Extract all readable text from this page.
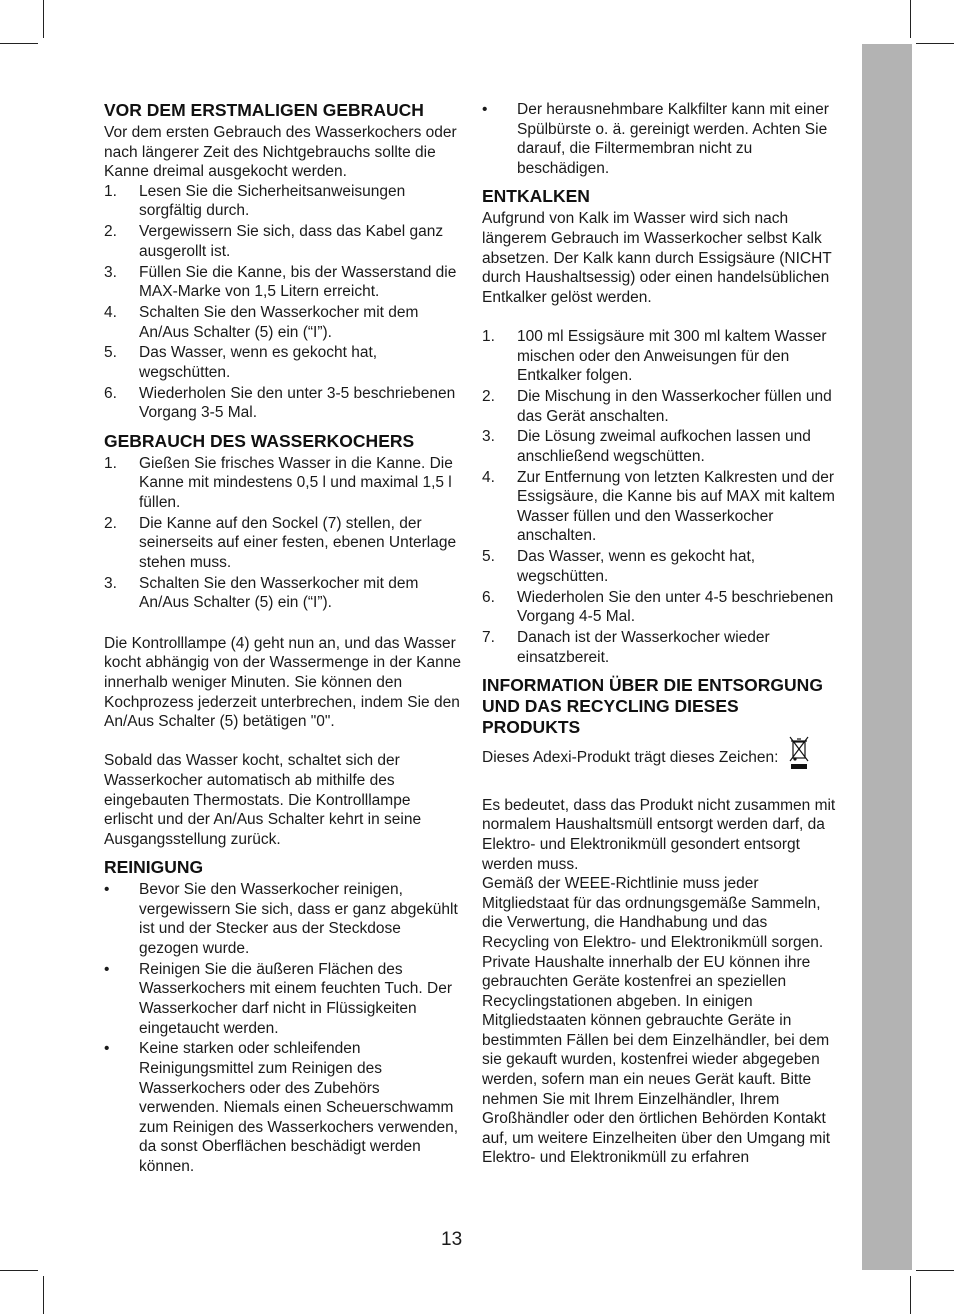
VOR DEM ERSTMALIGEN GEBRAUCH

Vor dem ersten Gebrauch des Wasserkochers oder nach längerer Zeit des Nichtgebrauchs sollte die Kanne dreimal ausgekocht werden.

1. Lesen Sie die Sicherheitsanweisungen sorgfältig durch.
2. Vergewissern Sie sich, dass das Kabel ganz ausgerollt ist.
3. Füllen Sie die Kanne, bis der Wasserstand die MAX-Marke von 1,5 Litern erreicht.
4. Schalten Sie den Wasserkocher mit dem An/Aus Schalter (5) ein (“I”).
5. Das Wasser, wenn es gekocht hat, wegschütten.
6. Wiederholen Sie den unter 3-5 beschriebenen Vorgang 3-5 Mal.
GEBRAUCH DES WASSERKOCHERS
1. Gießen Sie frisches Wasser in die Kanne. Die Kanne mit mindestens 0,5 l und maximal 1,5 l füllen.
2. Die Kanne auf den Sockel (7) stellen, der seinerseits auf einer festen, ebenen Unterlage stehen muss.
3. Schalten Sie den Wasserkocher mit dem An/Aus Schalter (5) ein (“I”).

Die Kontrolllampe (4) geht nun an, und das Wasser kocht abhängig von der Wassermenge in der Kanne innerhalb weniger Minuten. Sie können den Kochprozess jederzeit unterbrechen, indem Sie den An/Aus Schalter (5) betätigen "0".

Sobald das Wasser kocht, schaltet sich der Wasserkocher automatisch ab mithilfe des eingebauten Thermostats. Die Kontrolllampe erlischt und der An/Aus Schalter kehrt in seine Ausgangsstellung zurück.

REINIGUNG
• Bevor Sie den Wasserkocher reinigen, vergewissern Sie sich, dass er ganz abgekühlt ist und der Stecker aus der Steckdose gezogen wurde.
• Reinigen Sie die äußeren Flächen des Wasserkochers mit einem feuchten Tuch. Der Wasserkocher darf nicht in Flüssigkeiten eingetaucht werden.
• Keine starken oder schleifenden Reinigungsmittel zum Reinigen des Wasserkochers oder des Zubehörs verwenden. Niemals einen Scheuerschwamm zum Reinigen des Wasserkochers verwenden, da sonst Oberflächen beschädigt werden können.
• Der herausnehmbare Kalkfilter kann mit einer Spülbürste o. ä. gereinigt werden. Achten Sie darauf, die Filtermembran nicht zu beschädigen.
ENTKALKEN

Aufgrund von Kalk im Wasser wird sich nach längerem Gebrauch im Wasserkocher selbst Kalk absetzen. Der Kalk kann durch Essigsäure (NICHT durch Haushaltsessig) oder einen handelsüblichen Entkalker gelöst werden.

1. 100 ml Essigsäure mit 300 ml kaltem Wasser mischen oder den Anweisungen für den Entkalker folgen.
2. Die Mischung in den Wasserkocher füllen und das Gerät anschalten.
3. Die Lösung zweimal aufkochen lassen und anschließend wegschütten.
4. Zur Entfernung von letzten Kalkresten und der Essigsäure, die Kanne bis auf MAX mit kaltem Wasser füllen und den Wasserkocher anschalten.
5. Das Wasser, wenn es gekocht hat, wegschütten.
6. Wiederholen Sie den unter 4-5 beschriebenen Vorgang 4-5 Mal.
7. Danach ist der Wasserkocher wieder einsatzbereit.
INFORMATION ÜBER DIE ENTSORGUNG UND DAS RECYCLING DIESES PRODUKTS

Dieses Adexi-Produkt trägt dieses Zeichen:

Es bedeutet, dass das Produkt nicht zusammen mit normalem Haushaltsmüll entsorgt werden darf, da Elektro- und Elektronikmüll gesondert entsorgt werden muss.

Gemäß der WEEE-Richtlinie muss jeder Mitgliedstaat für das ordnungsgemäße Sammeln, die Verwertung, die Handhabung und das Recycling von Elektro- und Elektronikmüll sorgen. Private Haushalte innerhalb der EU können ihre gebrauchten Geräte kostenfrei an speziellen Recyclingstationen abgeben. In einigen Mitgliedstaaten können gebrauchte Geräte in bestimmten Fällen bei dem Einzelhändler, bei dem sie gekauft wurden, kostenfrei wieder abgegeben werden, sofern man ein neues Gerät kauft. Bitte nehmen Sie mit Ihrem Einzelhändler, Ihrem Großhändler oder den örtlichen Behörden Kontakt auf, um weitere Einzelheiten über den Umgang mit Elektro- und Elektronikmüll zu erfahren

13
